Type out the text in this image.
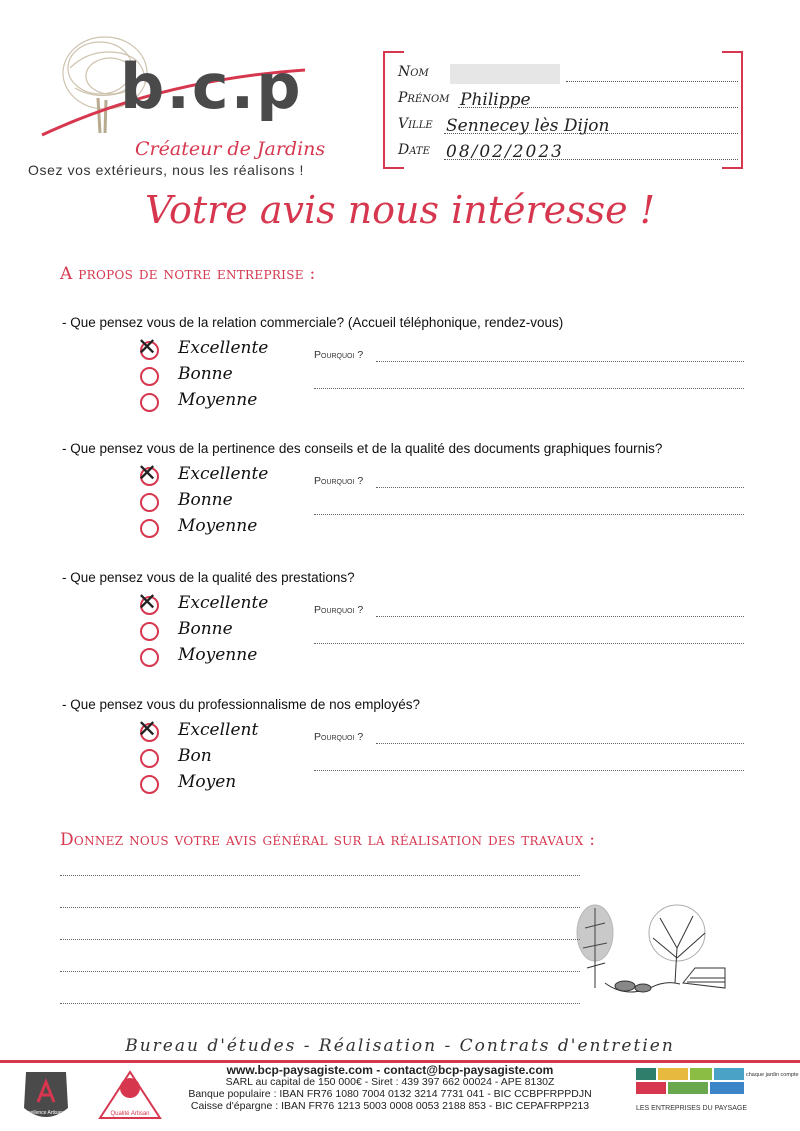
b.c.p
Créateur de Jardins
Osez vos extérieurs, nous les réalisons !
Nom
Prénom Philippe
Ville Sennecey lès Dijon
Date 08/02/2023
Votre avis nous intéresse !
A propos de notre entreprise :
- Que pensez vous de la relation commerciale? (Accueil téléphonique, rendez-vous)
✕ Excellente
Bonne
Moyenne
Pourquoi ?
- Que pensez vous de la pertinence des conseils et de la qualité des documents graphiques fournis?
✕ Excellente
Bonne
Moyenne
Pourquoi ?
- Que pensez vous de la qualité des prestations?
✕ Excellente
Bonne
Moyenne
Pourquoi ?
- Que pensez vous du professionnalisme de nos employés?
✕ Excellent
Bon
Moyen
Pourquoi ?
Donnez nous votre avis général sur la réalisation des travaux :
Bureau d'études - Réalisation - Contrats d'entretien
www.bcp-paysagiste.com - contact@bcp-paysagiste.com
SARL au capital de 150 000€ - Siret : 439 397 662 00024 - APE 8130Z
Banque populaire : IBAN FR76 1080 7004 0132 3214 7731 041 - BIC CCBPFRPPDJN
Caisse d'épargne : IBAN FR76 1213 5003 0008 0053 2188 853 - BIC CEPAFRPP213
Excellence Artisanale	Qualité Artisan
chaque jardin compte
LES ENTREPRISES DU PAYSAGE
